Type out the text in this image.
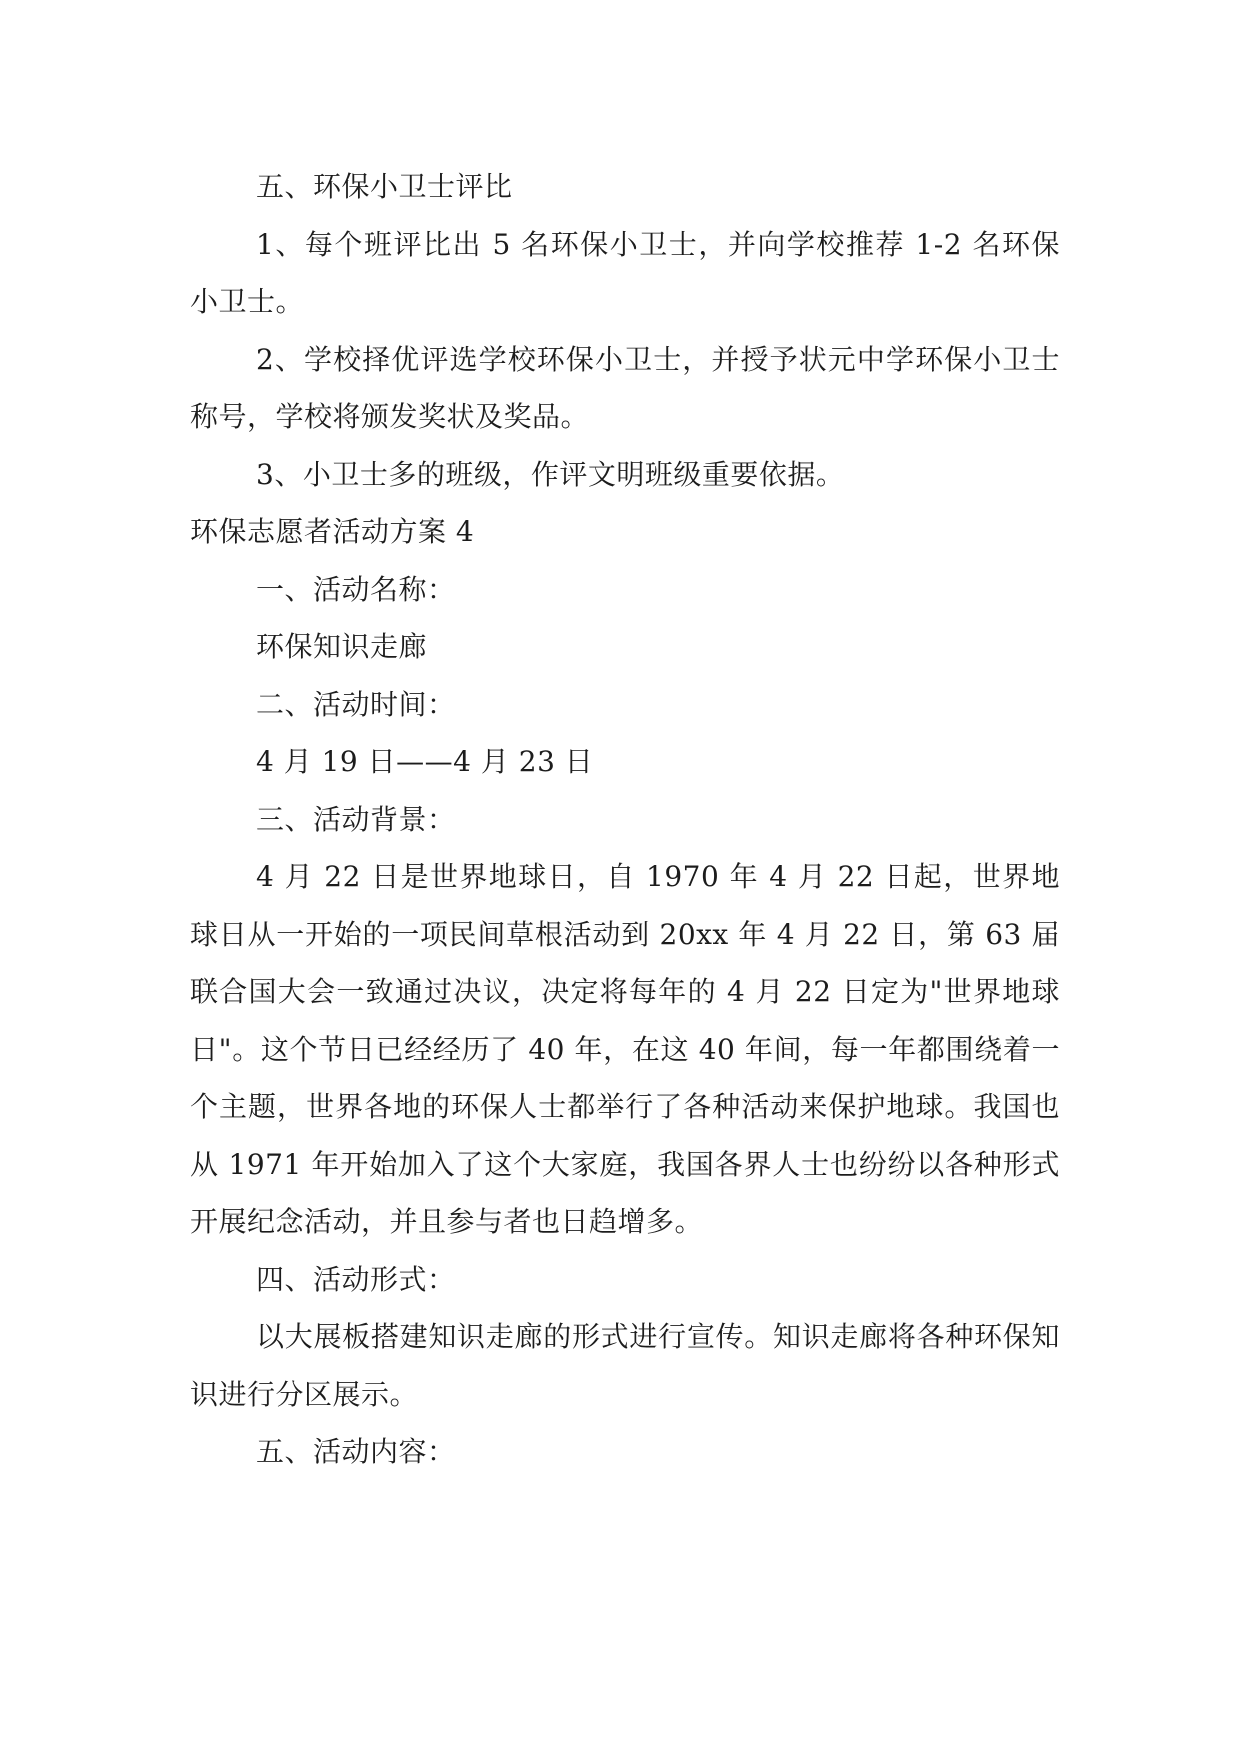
五、环保小卫士评比

1、每个班评比出 5 名环保小卫士，并向学校推荐 1-2 名环保小卫士。

2、学校择优评选学校环保小卫士，并授予状元中学环保小卫士称号，学校将颁发奖状及奖品。

3、小卫士多的班级，作评文明班级重要依据。

环保志愿者活动方案 4

一、活动名称：

环保知识走廊

二、活动时间：

4 月 19 日——4 月 23 日

三、活动背景：

4 月 22 日是世界地球日，自 1970 年 4 月 22 日起，世界地球日从一开始的一项民间草根活动到 20xx 年 4 月 22 日，第 63 届联合国大会一致通过决议，决定将每年的 4 月 22 日定为"世界地球日"。这个节日已经经历了 40 年，在这 40 年间，每一年都围绕着一个主题，世界各地的环保人士都举行了各种活动来保护地球。我国也从 1971 年开始加入了这个大家庭，我国各界人士也纷纷以各种形式开展纪念活动，并且参与者也日趋增多。

四、活动形式：

以大展板搭建知识走廊的形式进行宣传。知识走廊将各种环保知识进行分区展示。

五、活动内容：
